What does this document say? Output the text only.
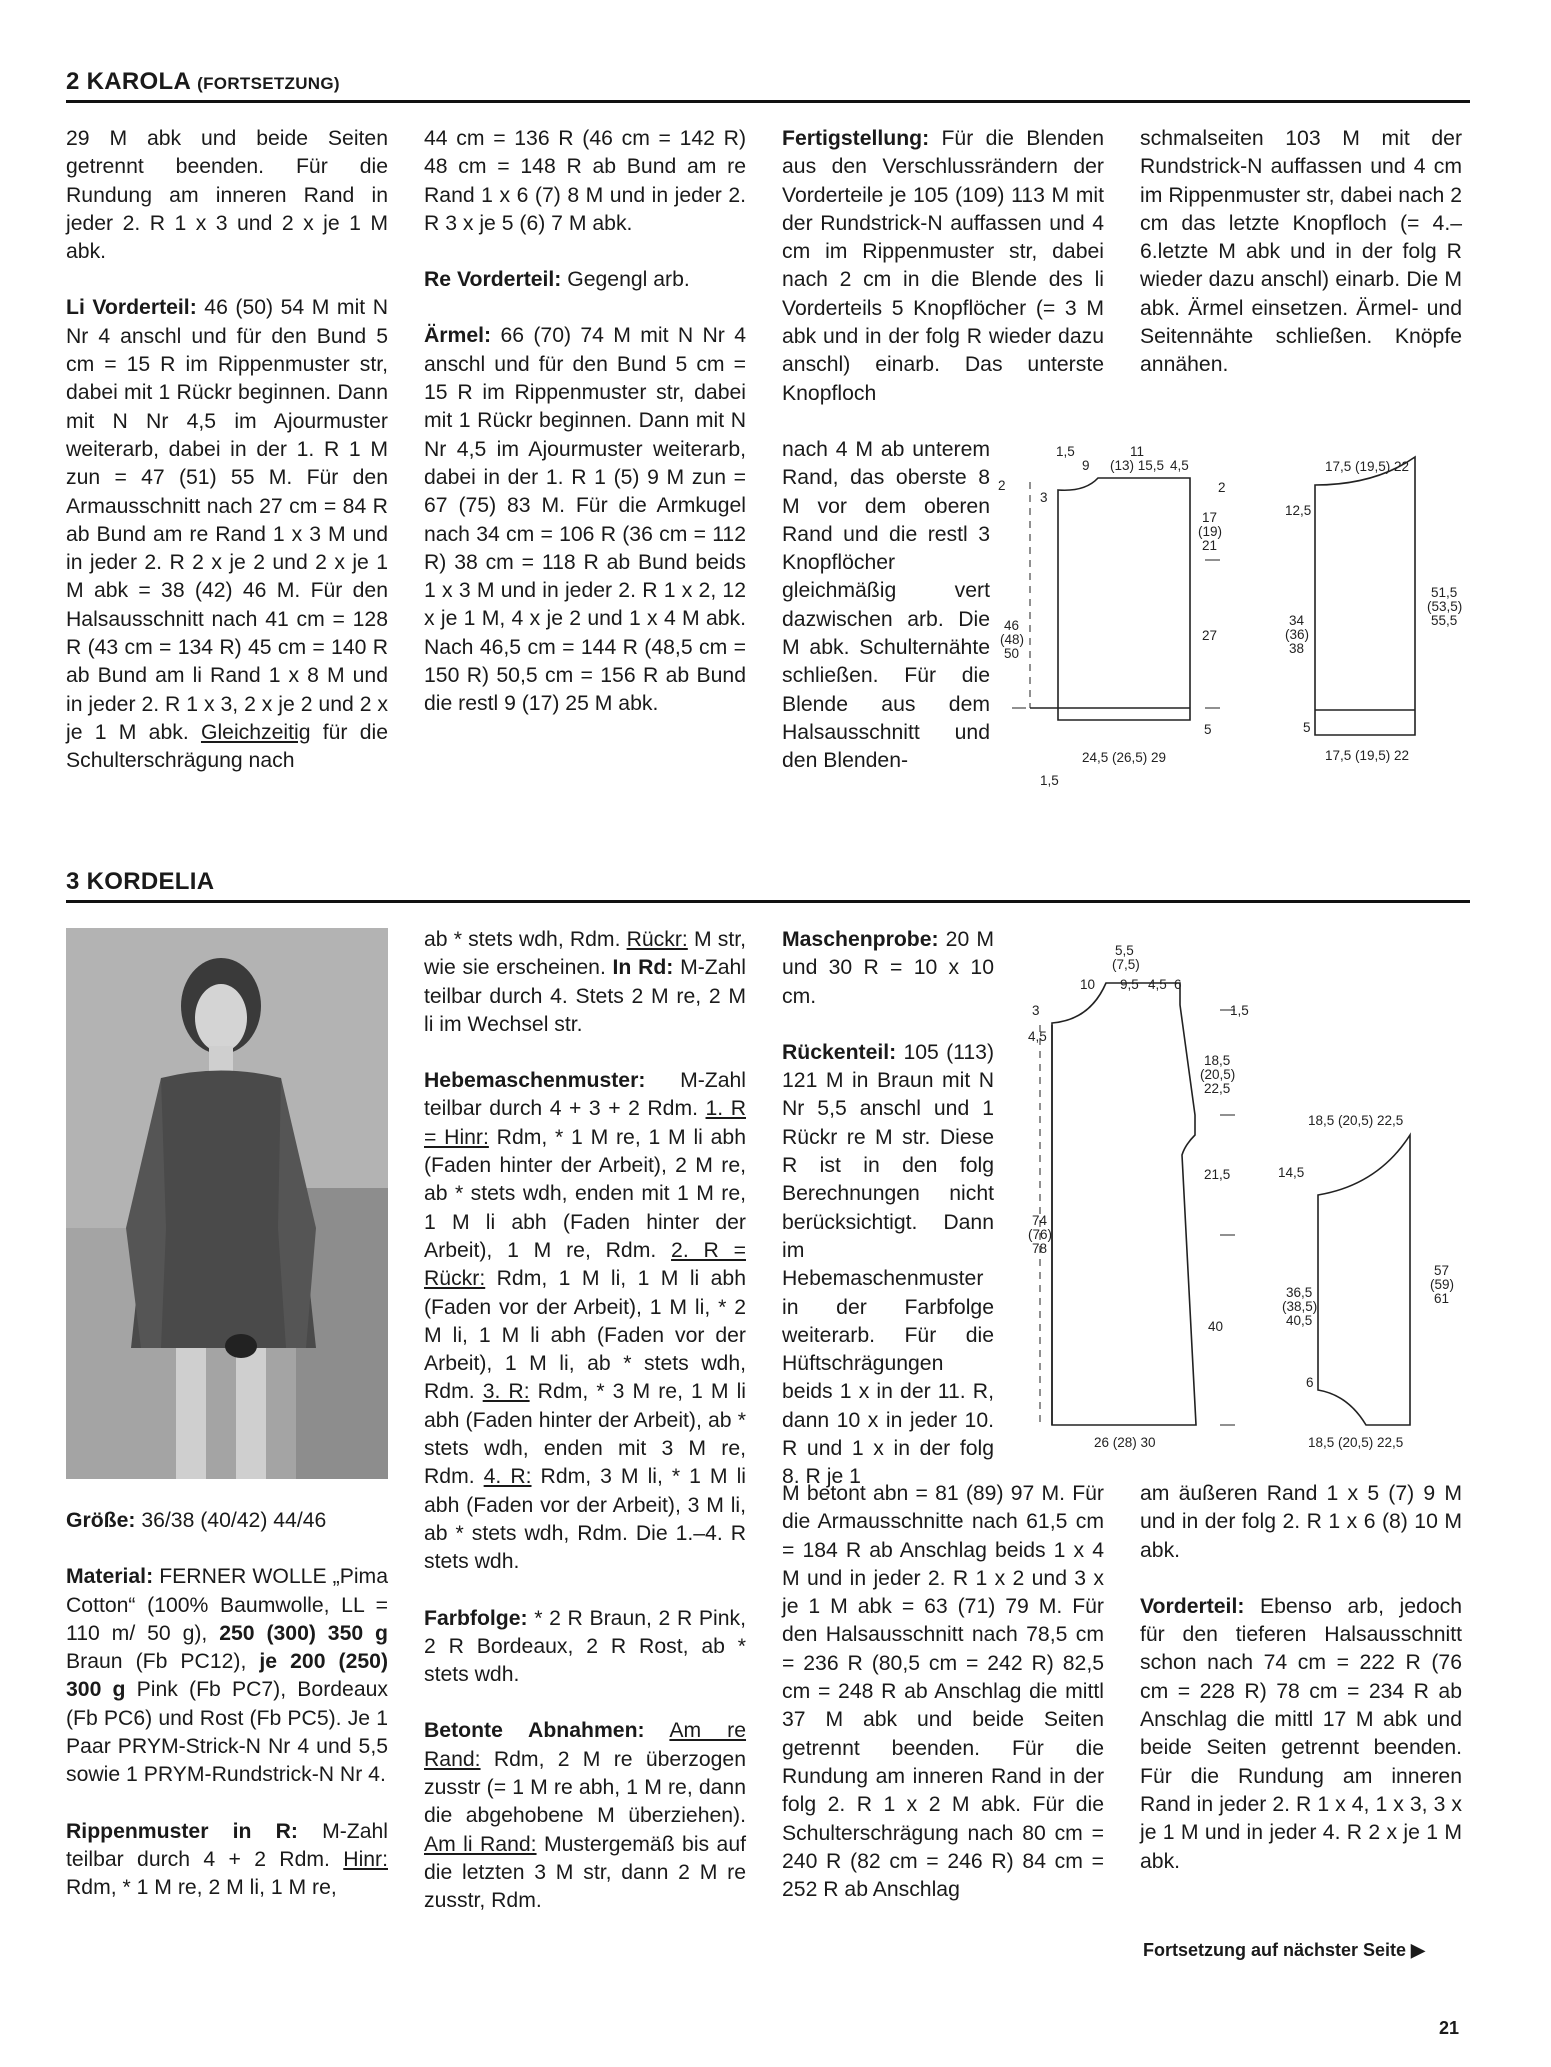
2 KAROLA (FORTSETZUNG)

29 M abk und beide Seiten getrennt beenden. Für die Rundung am inneren Rand in jeder 2. R 1 x 3 und 2 x je 1 M abk.

Li Vorderteil: 46 (50) 54 M mit N Nr 4 anschl und für den Bund 5 cm = 15 R im Rippenmuster str, dabei mit 1 Rückr beginnen. Dann mit N Nr 4,5 im Ajourmuster weiterarb, dabei in der 1. R 1 M zun = 47 (51) 55 M. Für den Armausschnitt nach 27 cm = 84 R ab Bund am re Rand 1 x 3 M und in jeder 2. R 2 x je 2 und 2 x je 1 M abk = 38 (42) 46 M. Für den Halsausschnitt nach 41 cm = 128 R (43 cm = 134 R) 45 cm = 140 R ab Bund am li Rand 1 x 8 M und in jeder 2. R 1 x 3, 2 x je 2 und 2 x je 1 M abk. Gleichzeitig für die Schulterschrägung nach

44 cm = 136 R (46 cm = 142 R) 48 cm = 148 R ab Bund am re Rand 1 x 6 (7) 8 M und in jeder 2. R 3 x je 5 (6) 7 M abk.

Re Vorderteil: Gegengl arb.

Ärmel: 66 (70) 74 M mit N Nr 4 anschl und für den Bund 5 cm = 15 R im Rippenmuster str, dabei mit 1 Rückr beginnen. Dann mit N Nr 4,5 im Ajourmuster weiterarb, dabei in der 1. R 1 (5) 9 M zun = 67 (75) 83 M. Für die Armkugel nach 34 cm = 106 R (36 cm = 112 R) 38 cm = 118 R ab Bund beids 1 x 3 M und in jeder 2. R 1 x 2, 12 x je 1 M, 4 x je 2 und 1 x 4 M abk. Nach 46,5 cm = 144 R (48,5 cm = 150 R) 50,5 cm = 156 R ab Bund die restl 9 (17) 25 M abk.

Fertigstellung: Für die Blenden aus den Verschlussrändern der Vorderteile je 105 (109) 113 M mit der Rundstrick-N auffassen und 4 cm im Rippenmuster str, dabei nach 2 cm in die Blende des li Vorderteils 5 Knopflöcher (= 3 M abk und in der folg R wieder dazu anschl) einarb. Das unterste Knopfloch

nach 4 M ab unterem Rand, das oberste 8 M vor dem oberen Rand und die restl 3 Knopflöcher gleichmäßig vert dazwischen arb. Die M abk. Schulternähte schließen. Für die Blende aus dem Halsausschnitt und den Blenden-

schmalseiten 103 M mit der Rundstrick-N auffassen und 4 cm im Rippenmuster str, dabei nach 2 cm das letzte Knopfloch (= 4.–6.letzte M abk und in der folg R wieder dazu anschl) einarb. Die M abk. Ärmel einsetzen. Ärmel- und Seitennähte schließen. Knöpfe annähen.

1,5	11
9 (13) 15,5 4,5
2
3
2
17
(19)
21
46
(48)
50
27
5
1,5
24,5 (26,5) 29
17,5 (19,5) 22
12,5
34
(36)
38
51,5
(53,5)
55,5
5
17,5 (19,5) 22
3 KORDELIA

Größe: 36/38 (40/42) 44/46

Material: FERNER WOLLE „Pima Cotton“ (100% Baumwolle, LL = 110 m/ 50 g), 250 (300) 350 g Braun (Fb PC12), je 200 (250) 300 g Pink (Fb PC7), Bordeaux (Fb PC6) und Rost (Fb PC5). Je 1 Paar PRYM-Strick-N Nr 4 und 5,5 sowie 1 PRYM-Rundstrick-N Nr 4.

Rippenmuster in R: M-Zahl teilbar durch 4 + 2 Rdm. Hinr: Rdm, * 1 M re, 2 M li, 1 M re,

ab * stets wdh, Rdm. Rückr: M str, wie sie erscheinen. In Rd: M-Zahl teilbar durch 4. Stets 2 M re, 2 M li im Wechsel str.

Hebemaschenmuster: M-Zahl teilbar durch 4 + 3 + 2 Rdm. 1. R = Hinr: Rdm, * 1 M re, 1 M li abh (Faden hinter der Arbeit), 2 M re, ab * stets wdh, enden mit 1 M re, 1 M li abh (Faden hinter der Arbeit), 1 M re, Rdm. 2. R = Rückr: Rdm, 1 M li, 1 M li abh (Faden vor der Arbeit), 1 M li, * 2 M li, 1 M li abh (Faden vor der Arbeit), 1 M li, ab * stets wdh, Rdm. 3. R: Rdm, * 3 M re, 1 M li abh (Faden hinter der Arbeit), ab * stets wdh, enden mit 3 M re, Rdm. 4. R: Rdm, 3 M li, * 1 M li abh (Faden vor der Arbeit), 3 M li, ab * stets wdh, Rdm. Die 1.–4. R stets wdh.

Farbfolge: * 2 R Braun, 2 R Pink, 2 R Bordeaux, 2 R Rost, ab * stets wdh.

Betonte Abnahmen: Am re Rand: Rdm, 2 M re überzogen zusstr (= 1 M re abh, 1 M re, dann die abgehobene M überziehen). Am li Rand: Mustergemäß bis auf die letzten 3 M str, dann 2 M re zusstr, Rdm.

Maschenprobe: 20 M und 30 R = 10 x 10 cm.

Rückenteil: 105 (113) 121 M in Braun mit N Nr 5,5 anschl und 1 Rückr re M str. Diese R ist in den folg Berechnungen nicht berücksichtigt. Dann im Hebemaschenmuster in der Farbfolge weiterarb. Für die Hüftschrägungen beids 1 x in der 11. R, dann 10 x in jeder 10. R und 1 x in der folg 8. R je 1

M betont abn = 81 (89) 97 M. Für die Armausschnitte nach 61,5 cm = 184 R ab Anschlag beids 1 x 4 M und in jeder 2. R 1 x 2 und 3 x je 1 M abk = 63 (71) 79 M. Für den Halsausschnitt nach 78,5 cm = 236 R (80,5 cm = 242 R) 82,5 cm = 248 R ab Anschlag die mittl 37 M abk und beide Seiten getrennt beenden. Für die Rundung am inneren Rand in der folg 2. R 1 x 2 M abk. Für die Schulterschrägung nach 80 cm = 240 R (82 cm = 246 R) 84 cm = 252 R ab Anschlag

5,5
(7,5)
10 9,5 4,5 6
3
4,5
1,5
18,5
(20,5)
22,5
21,5
74
(76)
78
40
26 (28) 30
18,5 (20,5) 22,5
14,5
36,5
(38,5)
40,5
57
(59)
61
6
18,5 (20,5) 22,5

am äußeren Rand 1 x 5 (7) 9 M und in der folg 2. R 1 x 6 (8) 10 M abk.

Vorderteil: Ebenso arb, jedoch für den tieferen Halsausschnitt schon nach 74 cm = 222 R (76 cm = 228 R) 78 cm = 234 R ab Anschlag die mittl 17 M abk und beide Seiten getrennt beenden. Für die Rundung am inneren Rand in jeder 2. R 1 x 4, 1 x 3, 3 x je 1 M und in jeder 4. R 2 x je 1 M abk.

Fortsetzung auf nächster Seite ▶
21
